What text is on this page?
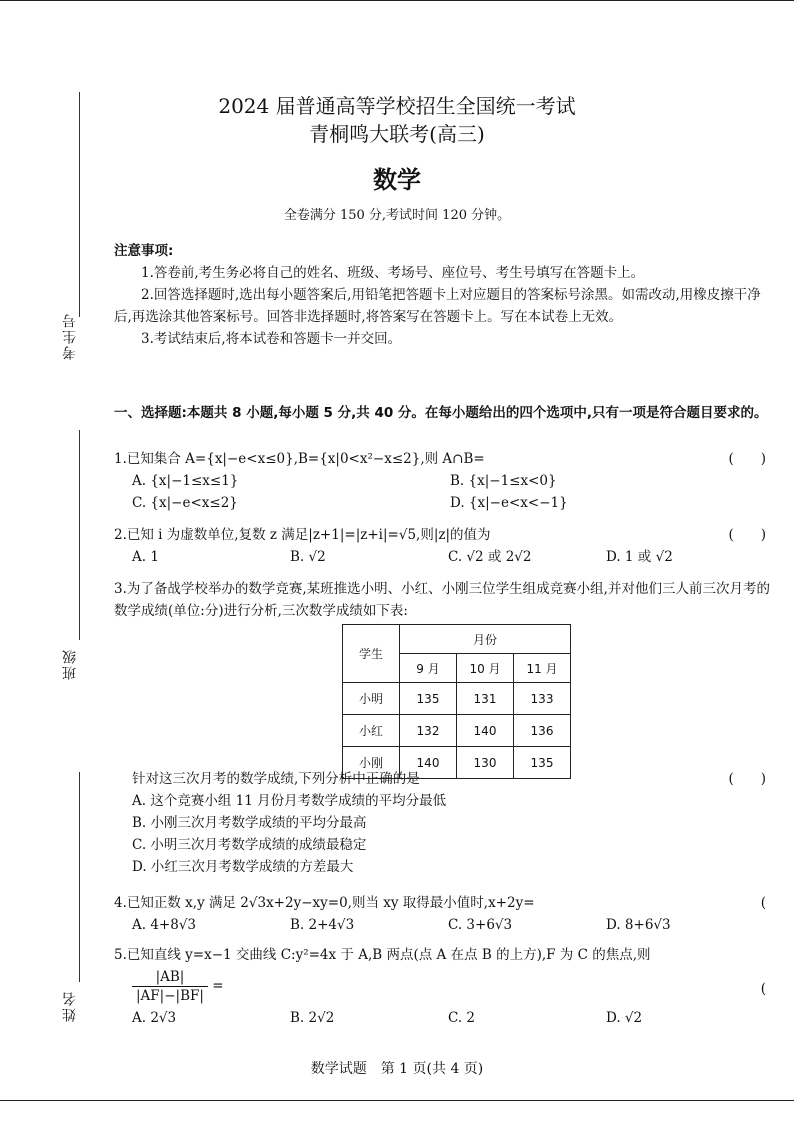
考生号
班级
姓名
2024 届普通高等学校招生全国统一考试
青桐鸣大联考(高三)
数学
全卷满分 150 分,考试时间 120 分钟。
注意事项:
1.答卷前,考生务必将自己的姓名、班级、考场号、座位号、考生号填写在答题卡上。
2.回答选择题时,选出每小题答案后,用铅笔把答题卡上对应题目的答案标号涂黑。如需改动,用橡皮擦干净后,再选涂其他答案标号。回答非选择题时,将答案写在答题卡上。写在本试卷上无效。
3.考试结束后,将本试卷和答题卡一并交回。
一、选择题:本题共 8 小题,每小题 5 分,共 40 分。在每小题给出的四个选项中,只有一项是符合题目要求的。
1.已知集合 A={x|−e<x≤0},B={x|0<x²−x≤2},则 A∩B=	(　　)
A. {x|−1≤x≤1}	B. {x|−1≤x<0}
C. {x|−e<x≤2}	D. {x|−e<x<−1}
2.已知 i 为虚数单位,复数 z 满足|z+1|=|z+i|=√5,则|z|的值为	(　　)
A. 1	B. √2	C. √2 或 2√2	D. 1 或 √2
3.为了备战学校举办的数学竞赛,某班推选小明、小红、小刚三位学生组成竞赛小组,并对他们三人前三次月考的数学成绩(单位:分)进行分析,三次数学成绩如下表:
学生	月份		
	9 月	10 月	11 月
小明	135	131	133
小红	132	140	136
小刚	140	130	135
针对这三次月考的数学成绩,下列分析中正确的是	(　　)
A. 这个竞赛小组 11 月份月考数学成绩的平均分最低
B. 小刚三次月考数学成绩的平均分最高
C. 小明三次月考数学成绩的成绩最稳定
D. 小红三次月考数学成绩的方差最大
4.已知正数 x,y 满足 2√3x+2y−xy=0,则当 xy 取得最小值时,x+2y=	(
A. 4+8√3	B. 2+4√3	C. 3+6√3	D. 8+6√3
5.已知直线 y=x−1 交曲线 C:y²=4x 于 A,B 两点(点 A 在点 B 的上方),F 为 C 的焦点,则
(
$\frac{|AB|}{|AF|-|BF|}$ =
A. 2√3	B. 2√2	C. 2	D. √2
数学试题　第 1 页(共 4 页)
